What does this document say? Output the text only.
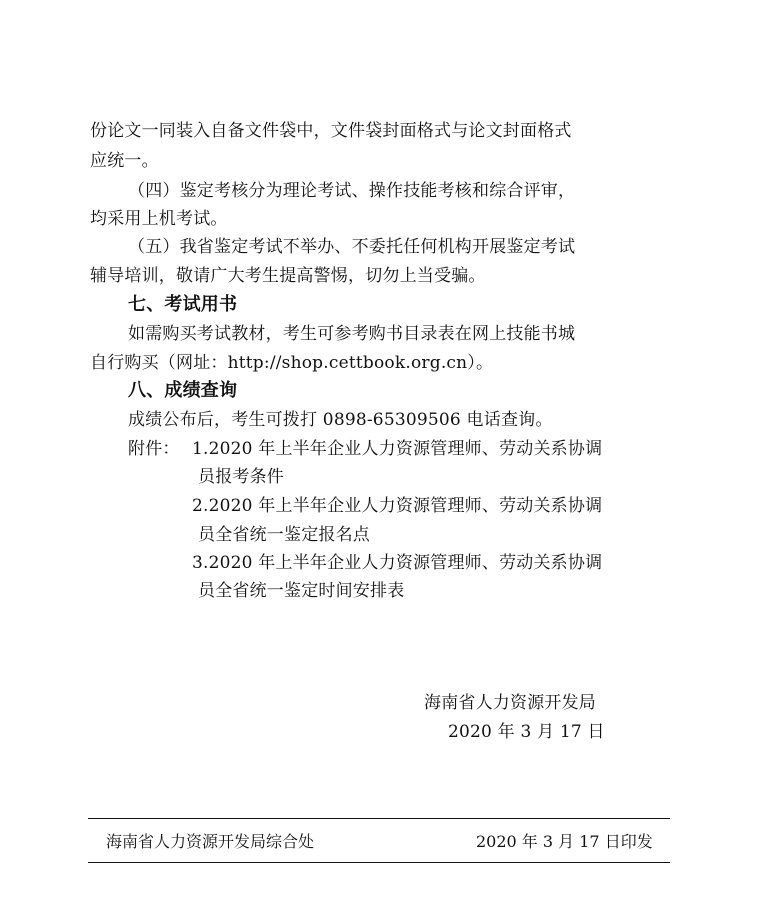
份论文一同装入自备文件袋中，文件袋封面格式与论文封面格式
应统一。
（四）鉴定考核分为理论考试、操作技能考核和综合评审，
均采用上机考试。
（五）我省鉴定考试不举办、不委托任何机构开展鉴定考试
辅导培训，敬请广大考生提高警惕，切勿上当受骗。
七、考试用书
如需购买考试教材，考生可参考购书目录表在网上技能书城
自行购买（网址：http://shop.cettbook.org.cn）。
八、成绩查询
成绩公布后，考生可拨打 0898-65309506 电话查询。
附件： 1.2020 年上半年企业人力资源管理师、劳动关系协调
员报考条件
2.2020 年上半年企业人力资源管理师、劳动关系协调
员全省统一鉴定报名点
3.2020 年上半年企业人力资源管理师、劳动关系协调
员全省统一鉴定时间安排表
海南省人力资源开发局
2020 年 3 月 17 日
海南省人力资源开发局综合处	2020 年 3 月 17 日印发
